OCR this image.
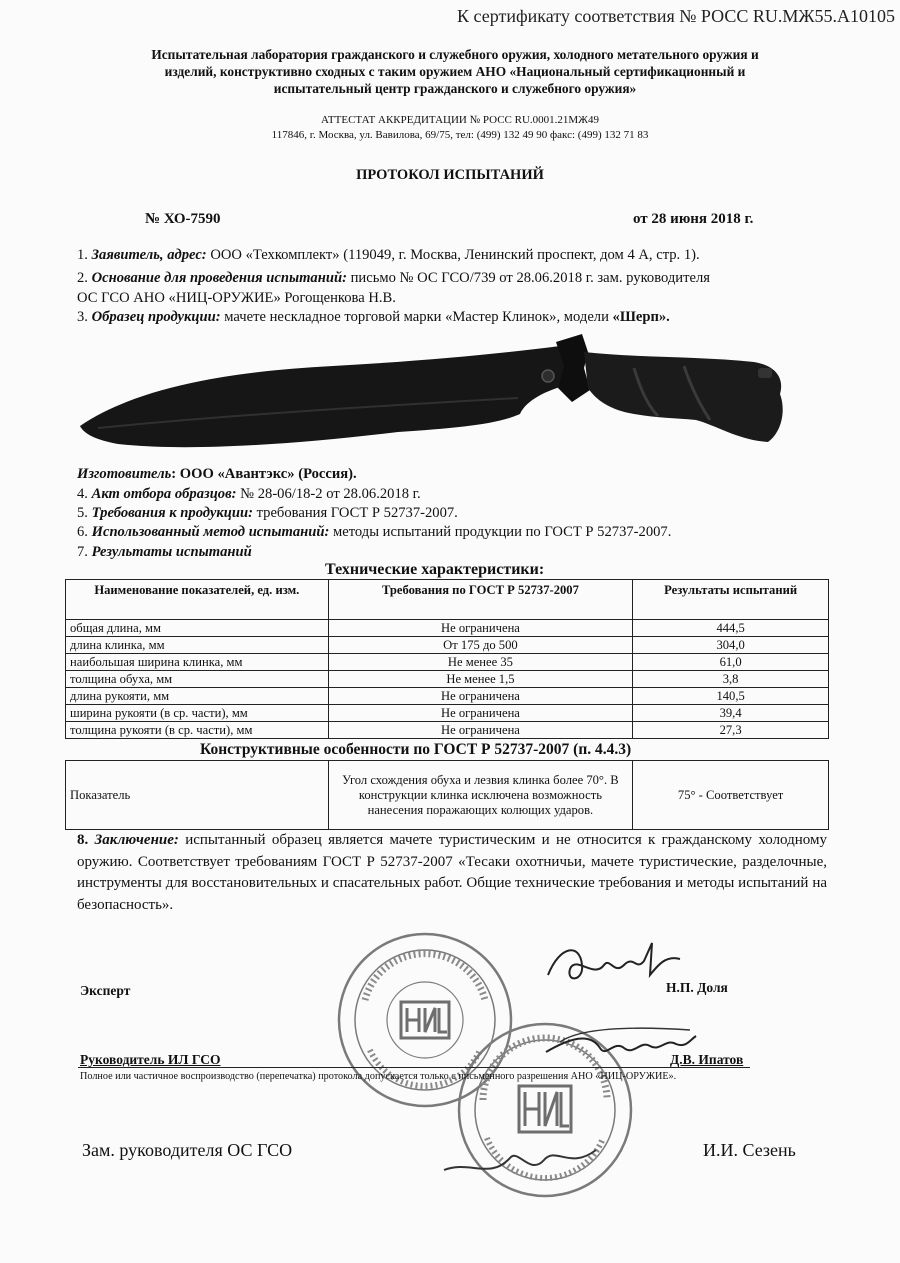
К сертификату соответствия № РОСС RU.МЖ55.А10105
Испытательная лаборатория гражданского и служебного оружия, холодного метательного оружия и
изделий, конструктивно сходных с таким оружием АНО «Национальный сертификационный и
испытательный центр гражданского и служебного оружия»
АТТЕСТАТ АККРЕДИТАЦИИ № РОСС RU.0001.21МЖ49
117846, г. Москва, ул. Вавилова, 69/75, тел: (499) 132 49 90 факс: (499) 132 71 83
ПРОТОКОЛ ИСПЫТАНИЙ
№ ХО-7590	от 28 июня 2018 г.
1. Заявитель, адрес: ООО «Техкомплект» (119049, г. Москва, Ленинский проспект, дом 4 А, стр. 1).
2. Основание для проведения испытаний: письмо № ОС ГСО/739 от 28.06.2018 г. зам. руководителя
ОС ГСО АНО «НИЦ-ОРУЖИЕ» Рогощенкова Н.В.
3. Образец продукции: мачете нескладное торговой марки «Мастер Клинок», модели «Шерп».
Изготовитель: ООО «Авантэкс» (Россия).
4. Акт отбора образцов: № 28-06/18-2 от 28.06.2018 г.
5. Требования к продукции: требования ГОСТ Р 52737-2007.
6. Использованный метод испытаний: методы испытаний продукции по ГОСТ Р 52737-2007.
7. Результаты испытаний
Технические характеристики:
Наименование показателей, ед. изм.	Требования по ГОСТ Р 52737-2007	Результаты испытаний
общая длина, мм	Не ограничена	444,5
длина клинка, мм	От 175 до 500	304,0
наибольшая ширина клинка, мм	Не менее 35	61,0
толщина обуха, мм	Не менее 1,5	3,8
длина рукояти, мм	Не ограничена	140,5
ширина рукояти (в ср. части), мм	Не ограничена	39,4
толщина рукояти (в ср. части), мм	Не ограничена	27,3
Конструктивные особенности по ГОСТ Р 52737-2007 (п. 4.4.3)
Показатель	Угол схождения обуха и лезвия клинка более 70°. В конструкции клинка исключена возможность нанесения поражающих колющих ударов.	75° - Соответствует
8. Заключение: испытанный образец является мачете туристическим и не относится к гражданскому холодному оружию. Соответствует требованиям ГОСТ Р 52737-2007 «Тесаки охотничьи, мачете туристические, разделочные, инструменты для восстановительных и спасательных работ. Общие технические требования и методы испытаний на безопасность».
Эксперт	Н.П. Доля
Руководитель ИЛ ГСО	Д.В. Ипатов
Полное или частичное воспроизводство (перепечатка) протокола допускается только с письменного разрешения АНО «НИЦ-ОРУЖИЕ».
Зам. руководителя ОС ГСО	И.И. Сезень
